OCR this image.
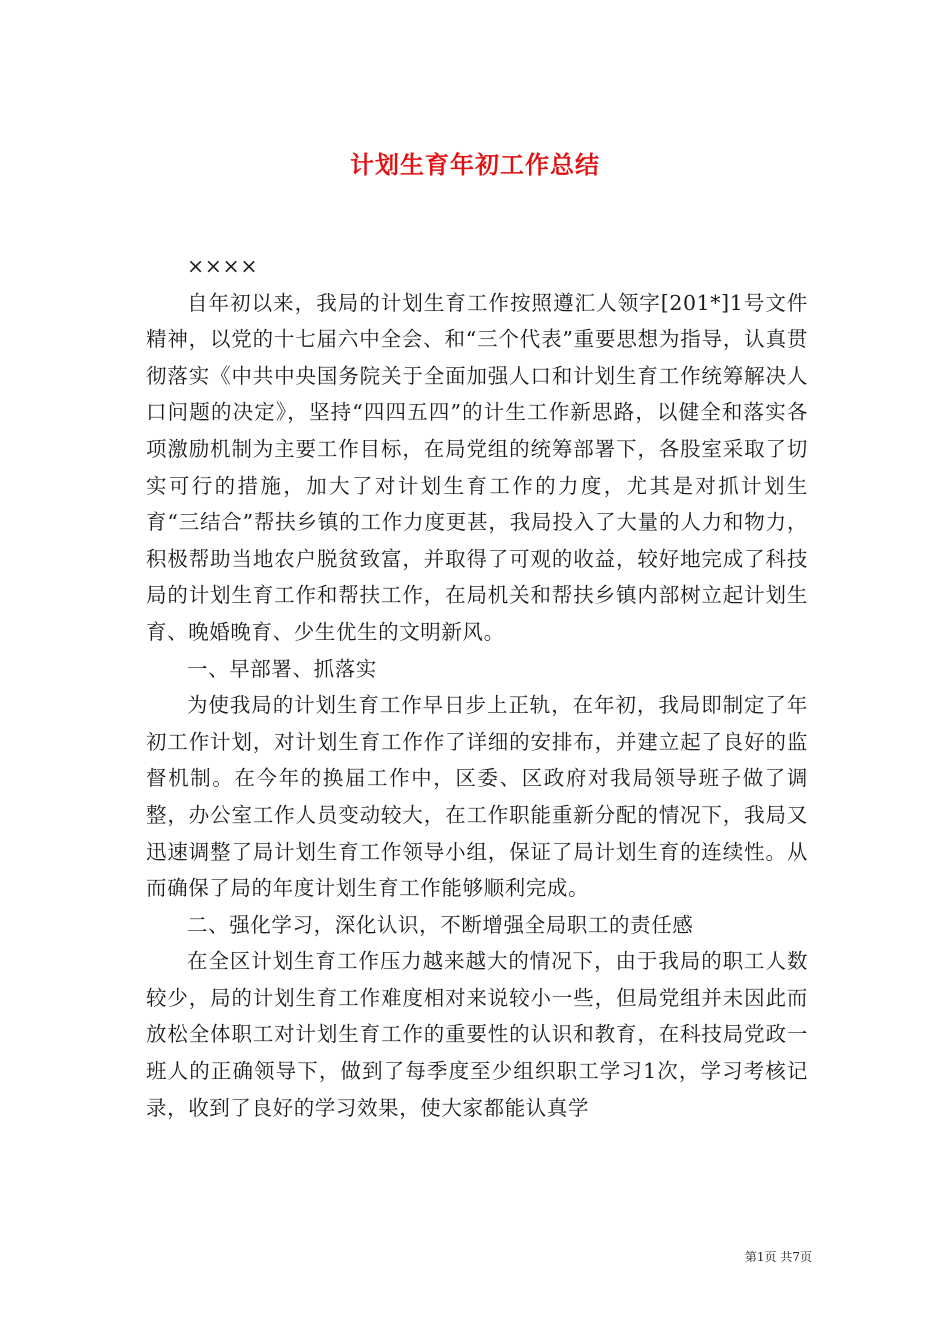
计划生育年初工作总结

××××

自年初以来，我局的计划生育工作按照遵汇人领字[201*]1号文件精神，以党的十七届六中全会、和“三个代表”重要思想为指导，认真贯彻落实《中共中央国务院关于全面加强人口和计划生育工作统筹解决人口问题的决定》，坚持“四四五四”的计生工作新思路，以健全和落实各项激励机制为主要工作目标，在局党组的统筹部署下，各股室采取了切实可行的措施，加大了对计划生育工作的力度，尤其是对抓计划生育“三结合”帮扶乡镇的工作力度更甚，我局投入了大量的人力和物力，积极帮助当地农户脱贫致富，并取得了可观的收益，较好地完成了科技局的计划生育工作和帮扶工作，在局机关和帮扶乡镇内部树立起计划生育、晚婚晚育、少生优生的文明新风。

一、早部署、抓落实

为使我局的计划生育工作早日步上正轨，在年初，我局即制定了年初工作计划，对计划生育工作作了详细的安排布，并建立起了良好的监督机制。在今年的换届工作中，区委、区政府对我局领导班子做了调整，办公室工作人员变动较大，在工作职能重新分配的情况下，我局又迅速调整了局计划生育工作领导小组，保证了局计划生育的连续性。从而确保了局的年度计划生育工作能够顺利完成。

二、强化学习，深化认识，不断增强全局职工的责任感

在全区计划生育工作压力越来越大的情况下，由于我局的职工人数较少，局的计划生育工作难度相对来说较小一些，但局党组并未因此而放松全体职工对计划生育工作的重要性的认识和教育，在科技局党政一班人的正确领导下，做到了每季度至少组织职工学习1次，学习考核记录，收到了良好的学习效果，使大家都能认真学

第1页 共7页
